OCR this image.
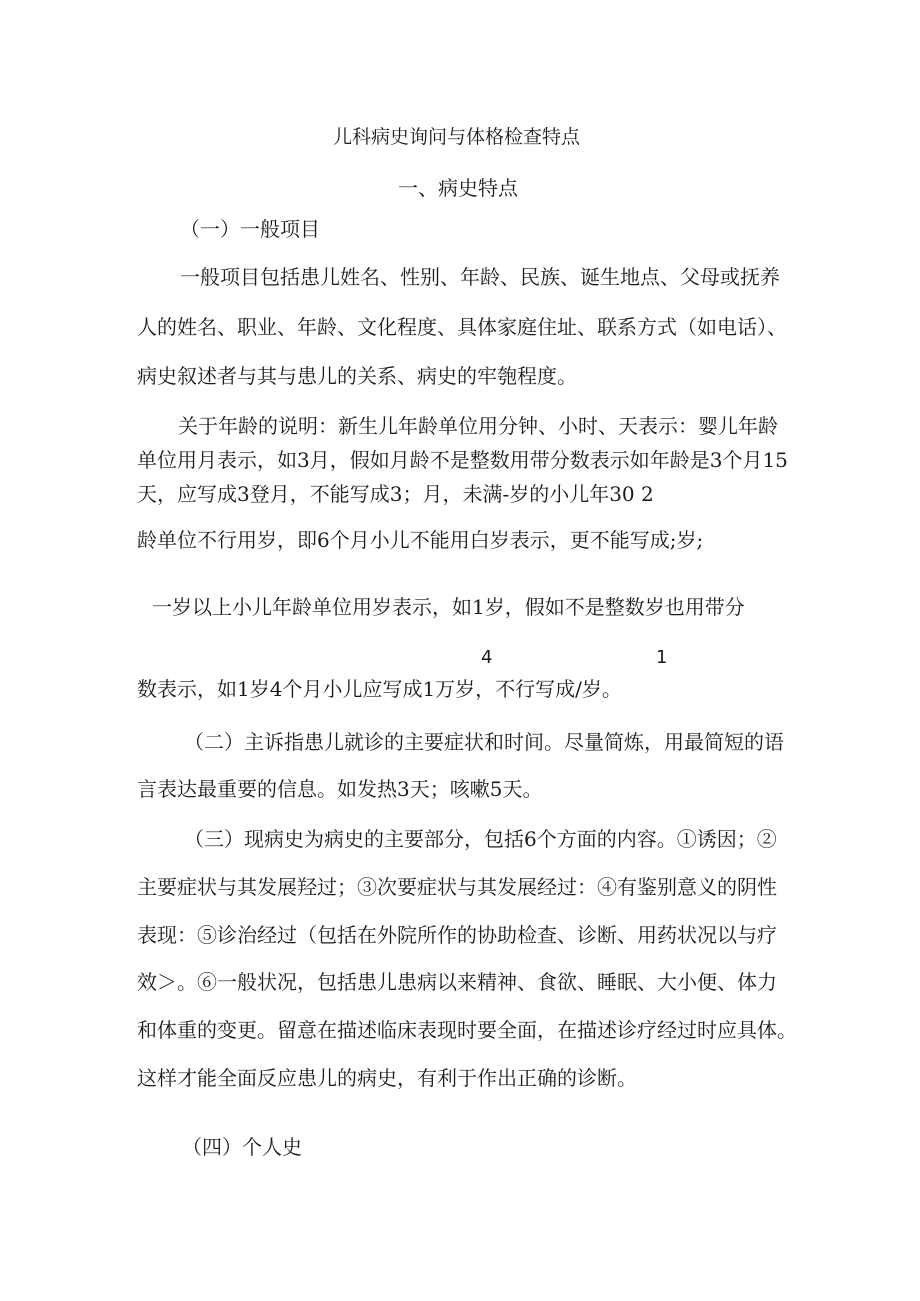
儿科病史询问与体格检查特点
一、病史特点
（一）一般项目
一般项目包括患儿姓名、性别、年龄、民族、诞生地点、父母或抚养
人的姓名、职业、年龄、文化程度、具体家庭住址、联系方式（如电话）、
病史叙述者与其与患儿的关系、病史的牢匏程度。
关于年龄的说明：新生儿年龄单位用分钟、小时、天表示：婴儿年龄
单位用月表示，如3月，假如月龄不是整数用带分数表示如年龄是3个月15
天，应写成3登月，不能写成3；月，未满-岁的小儿年30 2
龄单位不行用岁，即6个月小儿不能用白岁表示，更不能写成;岁;
一岁以上小儿年龄单位用岁表示，如1岁，假如不是整数岁也用带分
4	1
数表示，如1岁4个月小儿应写成1万岁，不行写成/岁。
（二）主诉指患儿就诊的主要症状和时间。尽量简炼，用最简短的语
言表达最重要的信息。如发热3天；咳嗽5天。
（三）现病史为病史的主要部分，包括6个方面的内容。①诱因；②
主要症状与其发展羟过；③次要症状与其发展经过：④有鉴别意义的阴性
表现：⑤诊治经过（包括在外院所作的协助检查、诊断、用药状况以与疗
效＞。⑥一般状况，包括患儿患病以来精神、食欲、睡眠、大小便、体力
和体重的变更。留意在描述临床表现时要全面，在描述诊疗经过时应具体。
这样才能全面反应患儿的病史，有利于作出正确的诊断。
（四）个人史
